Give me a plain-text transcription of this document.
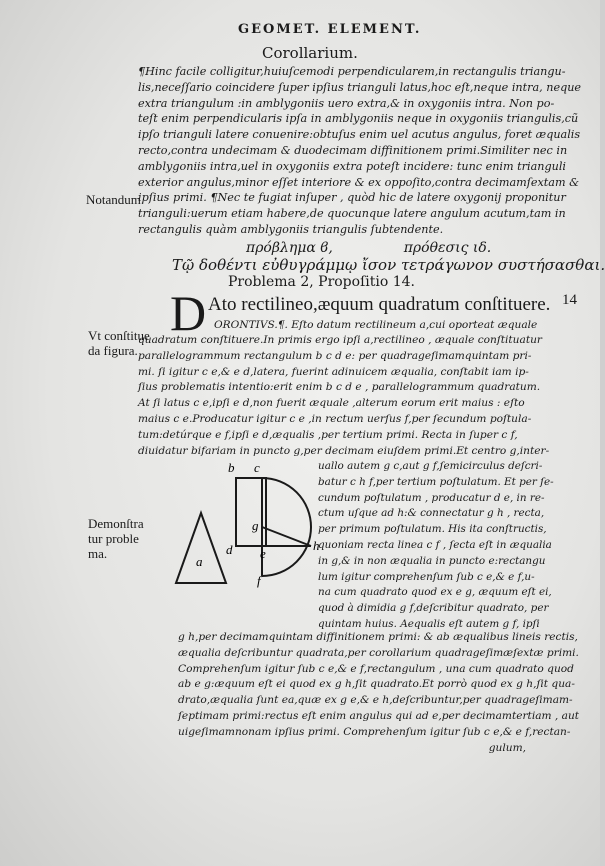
GEOMET. ELEMENT.
Corollarium.
¶Hinc facile colligitur,huiuſcemodi perpendicularem,in rectangulis triangu-
lis,neceſſario coincidere ſuper ipſius trianguli latus,hoc eſt,neque intra, neque
extra triangulum :in amblygoniis uero extra,& in oxygoniis intra. Non po-
teſt enim perpendicularis ipſa in amblygoniis neque in oxygoniis triangulis,cũ
ipſo trianguli latere conuenire:obtuſus enim uel acutus angulus, foret æqualis
recto,contra undecimam & duodecimam diffinitionem primi.Similiter nec in
amblygoniis intra,uel in oxygoniis extra poteſt incidere: tunc enim trianguli
exterior angulus,minor eſſet interiore & ex oppoſito,contra decimamſextam &
ipſius primi. ¶Nec te fugiat inſuper , quòd hic de latere oxygonij proponitur
trianguli:uerum etiam habere,de quocunque latere angulum acutum,tam in
rectangulis quàm amblygoniis triangulis ſubtendente.
Notandum.
πρόβλημα ϐ,	πρόθεσις ιδ.
Τῷ δοθέντι εὐθυγράμμῳ ἴσον τετράγωνον συστήσασθαι.
Problema 2, Propoſitio 14.
D Ato rectilineo,æquum quadratum conſtituere. 14
Vt conſtitue
da figura.
ORONTIVS.¶. Eſto datum rectilineum a,cui oporteat æquale
quadratum conſtituere.In primis ergo ipſi a,rectilineo , æquale conſtituatur
parallelogrammum rectangulum b c d e: per quadrageſimamquintam pri-
mi. ſi igitur c e,& e d,latera, fuerint adinuicem æqualia, conſtabit iam ip-
ſius problematis intentio:erit enim b c d e , parallelogrammum quadratum.
At ſi latus c e,ipſi e d,non fuerit æquale ,alterum eorum erit maius : eſto
maius c e.Producatur igitur c e ,in rectum uerſus f,per ſecundum poſtula-
tum:detúrque e f,ipſi e d,æqualis ,per tertium primi. Recta in ſuper c f,
diuidatur bifariam in puncto g,per decimam eiuſdem primi.Et centro g,inter-
uallo autem g c,aut g f,ſemicirculus deſcri-
batur c h f,per tertium poſtulatum. Et per ſe-
cundum poſtulatum , producatur d e, in re-
ctum uſque ad h:& connectatur g h , recta,
per primum poſtulatum. His ita conſtructis,
quoniam recta linea c f , ſecta eſt in æqualia
in g,& in non æqualia in puncto e:rectangu
lum igitur comprehenſum ſub c e,& e f,u-
na cum quadrato quod ex e g, æquum eſt ei,
quod à dimidia g f,deſcribitur quadrato, per
quintam huius. Aequalis eſt autem g f, ipſi
Demonſtra
tur proble
ma.
a
b c
d e
f
g
h
g h,per decimamquintam diffinitionem primi: & ab æqualibus lineis rectis,
æqualia deſcribuntur quadrata,per corollarium quadrageſimæſextæ primi.
Comprehenſum igitur ſub c e,& e f,rectangulum , una cum quadrato quod
ab e g:æquum eſt ei quod ex g h,ſit quadrato.Et porrò quod ex g h,ſit qua-
drato,æqualia ſunt ea,quæ ex g e,& e h,deſcribuntur,per quadrageſimam-
ſeptimam primi:rectus eſt enim angulus qui ad e,per decimamtertiam , aut
uigeſimamnonam ipſius primi. Comprehenſum igitur ſub c e,& e f,rectan-
gulum,
